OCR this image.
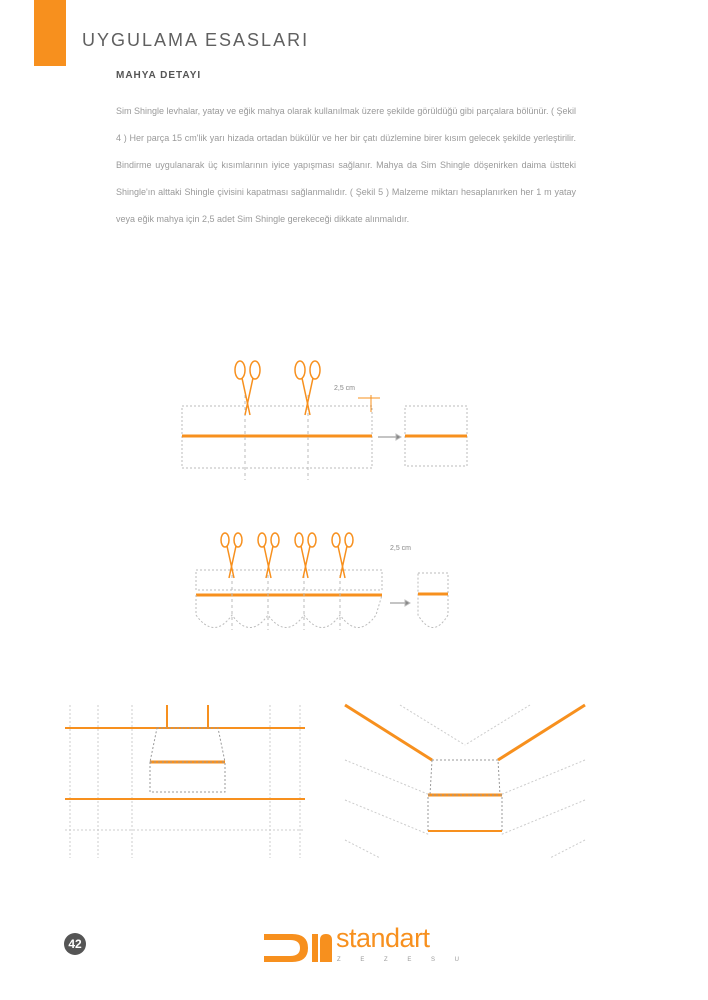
UYGULAMA ESASLARI
MAHYA DETAYI
Sim Shingle levhalar, yatay ve eğik mahya olarak kullanılmak üzere şekilde görüldüğü gibi parçalara bölünür. ( Şekil 4 ) Her parça 15 cm'lik yarı hizada ortadan bükülür ve her bir çatı düzlemine birer kısım gelecek şekilde yerleştirilir. Bindirme uygulanarak üç kısımlarının iyice yapışması sağlanır. Mahya da Sim Shingle döşenirken daima üstteki Shingle'ın alttaki Shingle çivisini kapatması sağlanmalıdır. ( Şekil 5 ) Malzeme miktarı hesaplanırken her 1 m yatay veya eğik mahya için 2,5 adet Sim Shingle gerekeceği dikkate alınmalıdır.
2,5 cm
2,5 cm
42	standart
Z E Z E S U
